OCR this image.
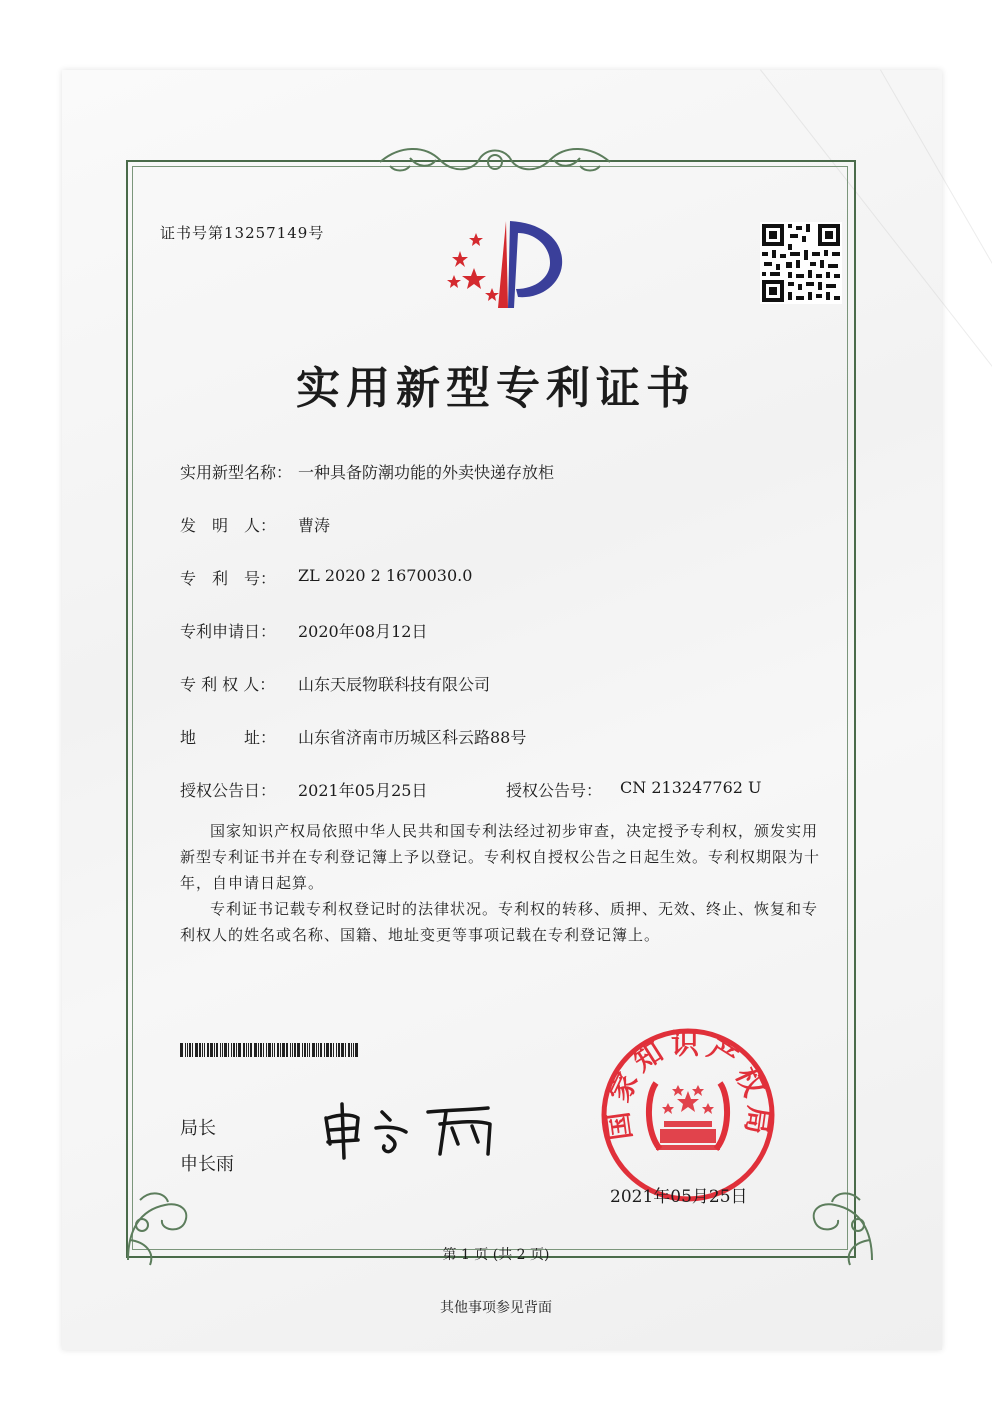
证书号第13257149号
实用新型专利证书
实用新型名称： 一种具备防潮功能的外卖快递存放柜
发　明　人： 曹涛
专　利　号： ZL 2020 2 1670030.0
专利申请日： 2020年08月12日
专 利 权 人： 山东天辰物联科技有限公司
地　　　址： 山东省济南市历城区科云路88号
授权公告日： 2021年05月25日	授权公告号： CN 213247762 U
国家知识产权局依照中华人民共和国专利法经过初步审查，决定授予专利权，颁发实用新型专利证书并在专利登记簿上予以登记。专利权自授权公告之日起生效。专利权期限为十年，自申请日起算。
专利证书记载专利权登记时的法律状况。专利权的转移、质押、无效、终止、恢复和专利权人的姓名或名称、国籍、地址变更等事项记载在专利登记簿上。
局长
申长雨
国家知识产权局
2021年05月25日
第 1 页 (共 2 页)
其他事项参见背面
